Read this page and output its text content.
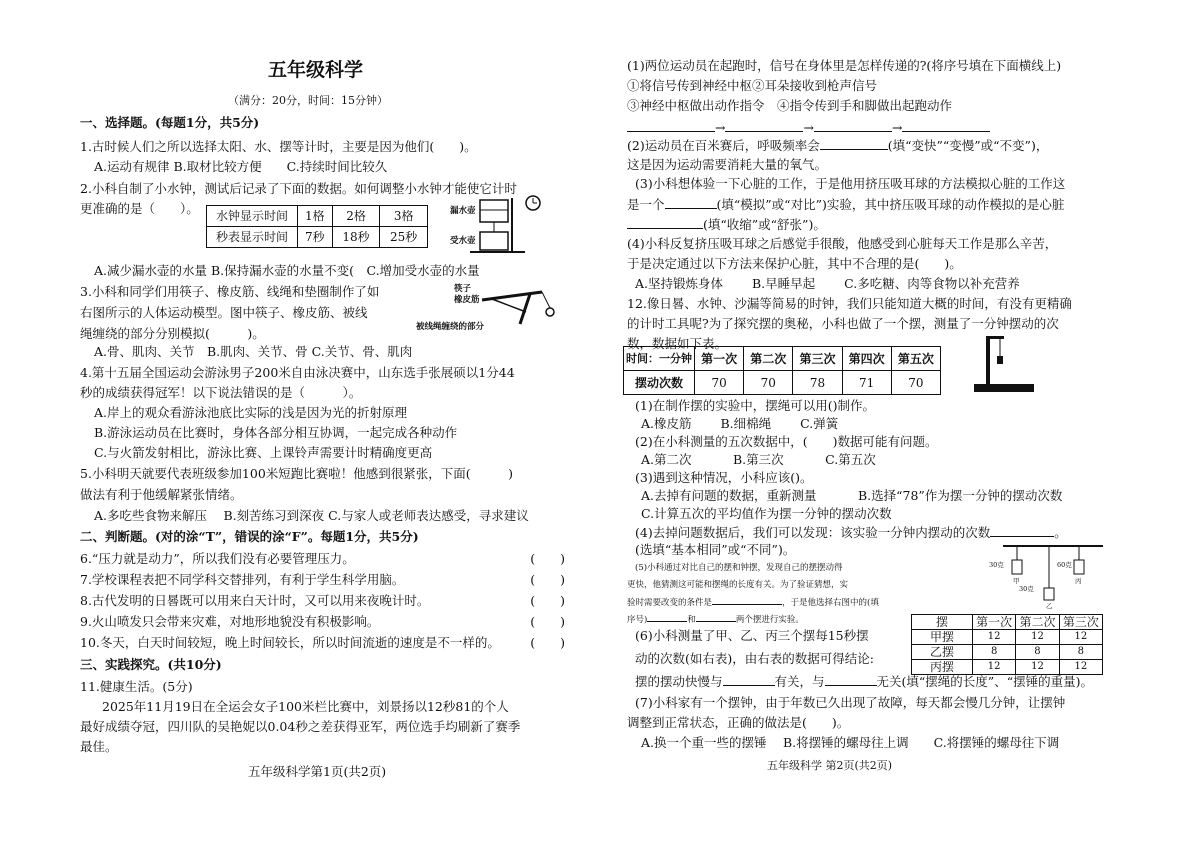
五年级科学
（满分：20分，时间：15分钟）
一、选择题。(每题1分，共5分)
1.古时候人们之所以选择太阳、水、摆等计时，主要是因为他们(　　)。
A.运动有规律 B.取材比较方便　　C.持续时间比较久
2.小科自制了小水钟，测试后记录了下面的数据。如何调整小水钟才能使它计时
更准确的是（　　）。 水钟显示时间	1格	2格	3格
秒表显示时间	7秒	18秒	25秒
漏水壶
受水壶
A.减少漏水壶的水量 B.保持漏水壶的水量不变(　C.增加受水壶的水量
3.小科和同学们用筷子、橡皮筋、线绳和垫圈制作了如
右图所示的人体运动模型。图中筷子、橡皮筋、被线
绳缠绕的部分分别模拟(　　　)。
筷子
橡皮筋
被线绳缠绕的部分
A.骨、肌肉、关节　B.肌肉、关节、骨 C.关节、骨、肌肉
4.第十五届全国运动会游泳男子200米自由泳决赛中，山东选手张展硕以1分44
秒的成绩获得冠军！以下说法错误的是（　　　）。
A.岸上的观众看游泳池底比实际的浅是因为光的折射原理
B.游泳运动员在比赛时，身体各部分相互协调，一起完成各种动作
C.与火箭发射相比，游泳比赛、上课铃声需要计时精确度更高
5.小科明天就要代表班级参加100米短跑比赛啦！他感到很紧张，下面(　　　)
做法有利于他缓解紧张情绪。
A.多吃些食物来解压　 B.刻苦练习到深夜 C.与家人或老师表达感受，寻求建议
二、判断题。(对的涂“T”，错误的涂“F”。每题1分，共5分)
6.“压力就是动力”，所以我们没有必要管理压力。	(　　)
7.学校课程表把不同学科交替排列，有利于学生科学用脑。	(　　)
8.古代发明的日晷既可以用来白天计时，又可以用来夜晚计时。	(　　)
9.火山喷发只会带来灾难，对地形地貌没有积极影响。	(　　)
10.冬天，白天时间较短，晚上时间较长，所以时间流逝的速度是不一样的。 (　　)
三、实践探究。(共10分)
11.健康生活。(5分)
2025年11月19日在全运会女子100米栏比赛中，刘景扬以12秒81的个人
最好成绩夺冠，四川队的吴艳妮以0.04秒之差获得亚军，两位选手均刷新了赛季
最佳。
五年级科学第1页(共2页)
(1)两位运动员在起跑时，信号在身体里是怎样传递的?(将序号填在下面横线上)
①将信号传到神经中枢②耳朵接收到枪声信号
③神经中枢做出动作指令　④指令传到手和脚做出起跑动作
→	→	→
(2)运动员在百米赛后，呼吸频率会	(填“变快”“变慢”或“不变”)，
这是因为运动需要消耗大量的氧气。
(3)小科想体验一下心脏的工作，于是他用挤压吸耳球的方法模拟心脏的工作这
是一个	(填“模拟”或“对比”)实验，其中挤压吸耳球的动作模拟的是心脏
(填“收缩”或“舒张”)。
(4)小科反复挤压吸耳球之后感觉手很酸，他感受到心脏每天工作是那么辛苦，
于是决定通过以下方法来保护心脏，其中不合理的是(　　)。
A.坚持锻炼身体　　 B.早睡早起　　 C.多吃糖、肉等食物以补充营养
12.像日晷、水钟、沙漏等简易的时钟，我们只能知道大概的时间，有没有更精确
的计时工具呢?为了探究摆的奥秘，小科也做了一个摆，测量了一分钟摆动的次
数，数据如下表。
时间：一分钟	第一次	第二次	第三次	第四次	第五次
摆动次数	70	70	78	71	70
(1)在制作摆的实验中，摆绳可以用()制作。
A.橡皮筋　　 B.细棉绳　　 C.弹簧
(2)在小科测量的五次数据中，(　　)数据可能有问题。
A.第二次　　　 B.第三次　　　 C.第五次
(3)遇到这种情况，小科应该()。
A.去掉有问题的数据，重新测量　　　 B.选择“78”作为摆一分钟的摆动次数
C.计算五次的平均值作为摆一分钟的摆动次数
(4)去掉问题数据后，我们可以发现：该实验一分钟内摆动的次数	。
(选填“基本相同”或“不同”)。
(5)小科通过对比自己的摆和钟摆，发现自己的摆摆动得
更快，他猜测这可能和摆绳的长度有关。为了验证猜想，实
验时需要改变的条件是	，于是他选择右图中的(填
序号)	和	两个摆进行实验。
30克
30克
60克
甲
乙
丙
(6)小科测量了甲、乙、丙三个摆每15秒摆
动的次数(如右表)，由右表的数据可得结论:
摆的摆动快慢与	有关，与	无关(填“摆绳的长度”、“摆锤的重量)。
摆	第一次	第二次	第三次
甲摆	12	12	12
乙摆	8	8	8
丙摆	12	12	12
(7)小科家有一个摆钟，由于年数已久出现了故障，每天都会慢几分钟，让摆钟
调整到正常状态，正确的做法是(　　)。
A.换一个重一些的摆锤　 B.将摆锤的螺母往上调　　C.将摆锤的螺母往下调
五年级科学 第2页(共2页)
